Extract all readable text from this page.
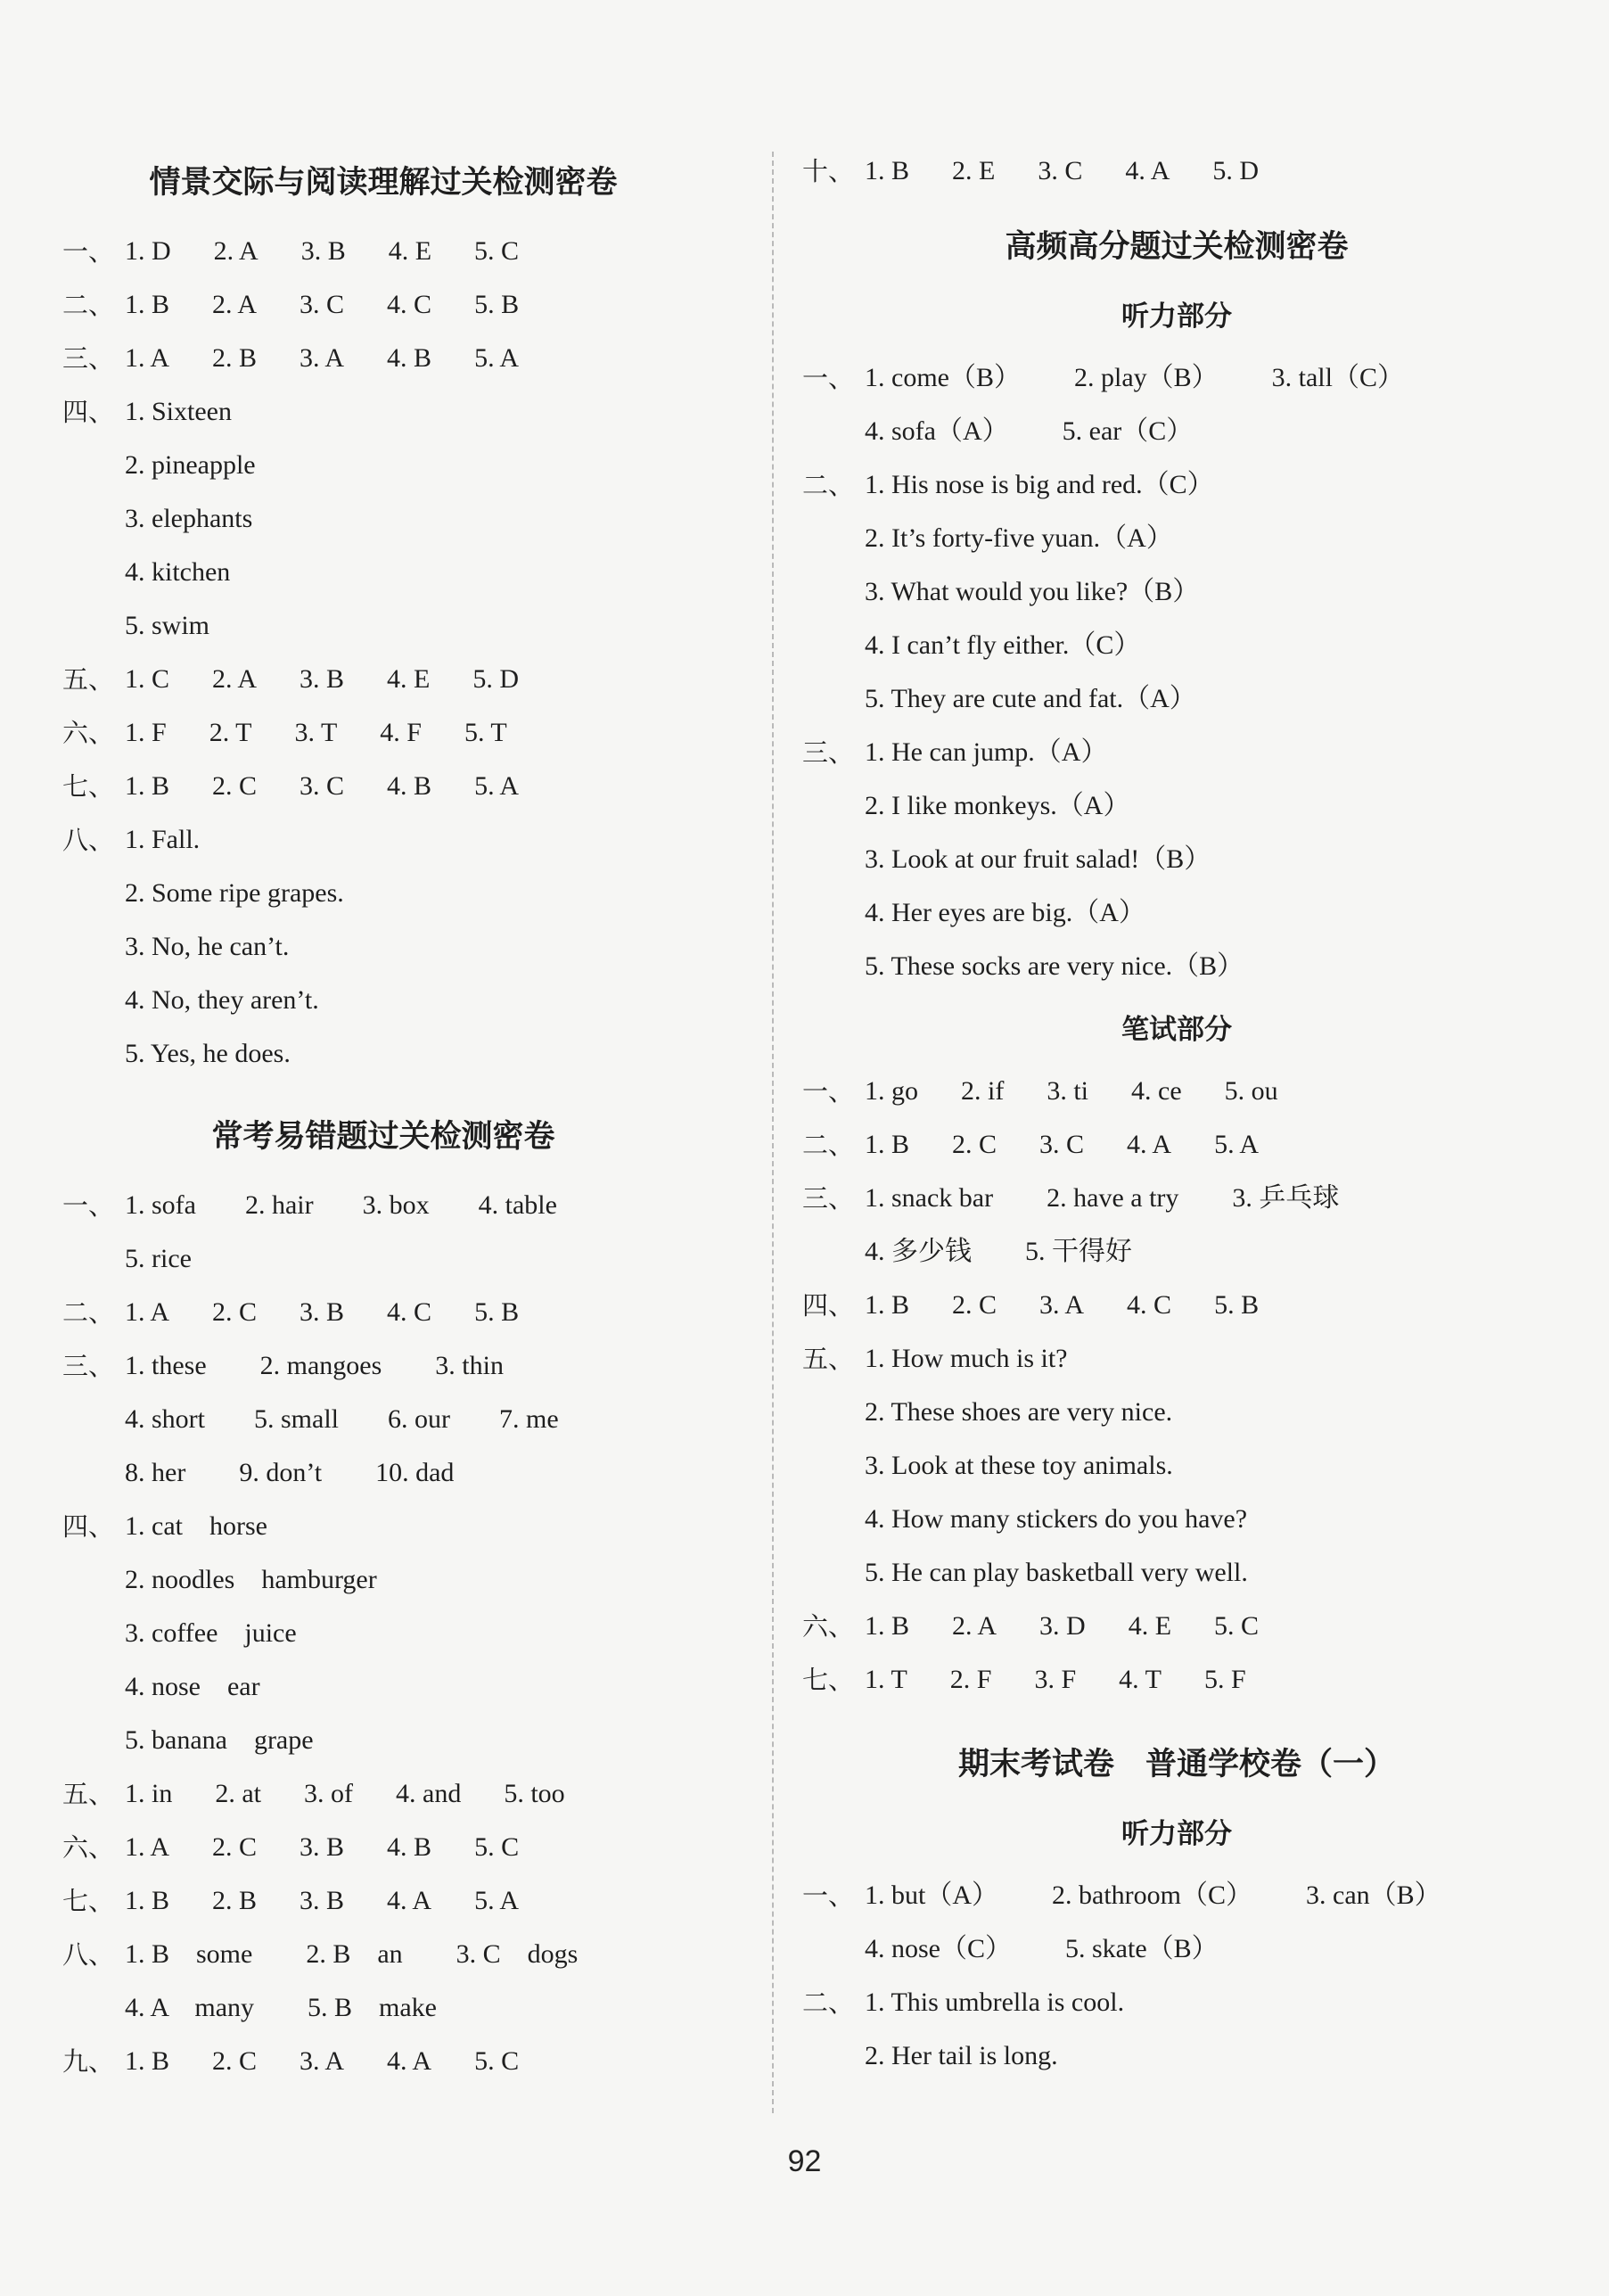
情景交际与阅读理解过关检测密卷
一、 1. D 2. A 3. B 4. E 5. C
二、 1. B 2. A 3. C 4. C 5. B
三、 1. A 2. B 3. A 4. B 5. A
四、 1. Sixteen
2. pineapple
3. elephants
4. kitchen
5. swim
五、 1. C 2. A 3. B 4. E 5. D
六、 1. F 2. T 3. T 4. F 5. T
七、 1. B 2. C 3. C 4. B 5. A
八、 1. Fall.
2. Some ripe grapes.
3. No, he can’t.
4. No, they aren’t.
5. Yes, he does.
常考易错题过关检测密卷
一、 1. sofa 2. hair 3. box 4. table
5. rice
二、 1. A 2. C 3. B 4. C 5. B
三、 1. these 2. mangoes 3. thin
4. short 5. small 6. our 7. me
8. her 9. don’t 10. dad
四、 1. cat    horse
2. noodles    hamburger
3. coffee    juice
4. nose    ear
5. banana    grape
五、 1. in 2. at 3. of 4. and 5. too
六、 1. A 2. C 3. B 4. B 5. C
七、 1. B 2. B 3. B 4. A 5. A
八、 1. B    some 2. B    an 3. C    dogs
4. A    many 5. B    make
九、 1. B 2. C 3. A 4. A 5. C
十、 1. B 2. E 3. C 4. A 5. D
高频高分题过关检测密卷
听力部分
一、 1. come（B） 2. play（B） 3. tall（C）
4. sofa（A） 5. ear（C）
二、 1. His nose is big and red.（C）
2. It’s forty-five yuan.（A）
3. What would you like?（B）
4. I can’t fly either.（C）
5. They are cute and fat.（A）
三、 1. He can jump.（A）
2. I like monkeys.（A）
3. Look at our fruit salad!（B）
4. Her eyes are big.（A）
5. These socks are very nice.（B）
笔试部分
一、 1. go 2. if 3. ti 4. ce 5. ou
二、 1. B 2. C 3. C 4. A 5. A
三、 1. snack bar 2. have a try 3. 乒乓球
4. 多少钱 5. 干得好
四、 1. B 2. C 3. A 4. C 5. B
五、 1. How much is it?
2. These shoes are very nice.
3. Look at these toy animals.
4. How many stickers do you have?
5. He can play basketball very well.
六、 1. B 2. A 3. D 4. E 5. C
七、 1. T 2. F 3. F 4. T 5. F
期末考试卷　普通学校卷（一）
听力部分
一、 1. but（A） 2. bathroom（C） 3. can（B）
4. nose（C） 5. skate（B）
二、 1. This umbrella is cool.
2. Her tail is long.
92
